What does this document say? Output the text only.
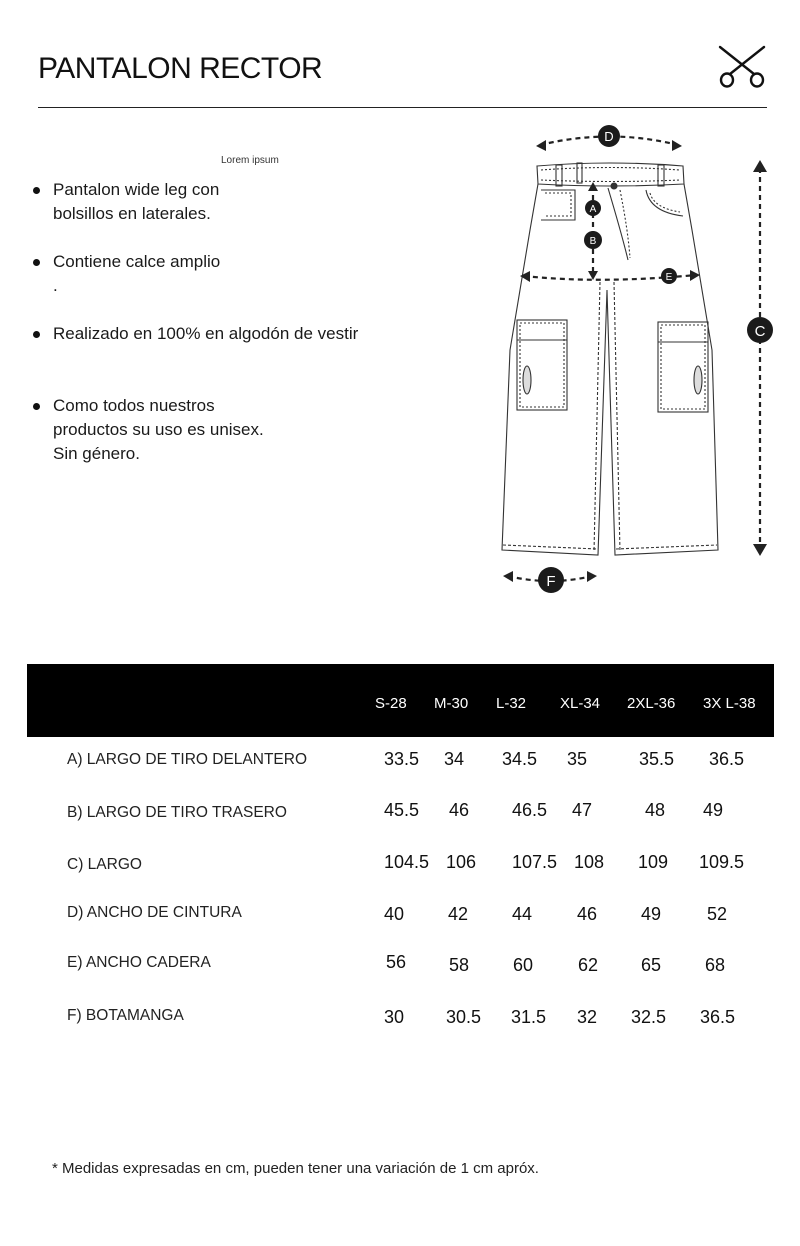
PANTALON RECTOR
Lorem ipsum
Pantalon wide leg con
bolsillos en laterales.
Contiene calce amplio
.
Realizado en 100% en algodón de vestir
Como todos nuestros
productos su uso es unisex.
Sin género.
D
A
B
E
C
F
S-28 M-30 L-32 XL-34 2XL-36 3X L-38
A) LARGO DE TIRO DELANTERO	33.5 34 34.5 35	35.5 36.5
B) LARGO DE TIRO TRASERO	45.5 46 46.5 47	48 49
C) LARGO	104.5 106 107.5 108 109 109.5
D) ANCHO DE CINTURA	40 42 44 46 49	52
E) ANCHO CADERA	56 58 60 62 65 68
F) BOTAMANGA	30 30.5 31.5 32 32.5 36.5
* Medidas expresadas en cm, pueden tener una variación de 1 cm apróx.
